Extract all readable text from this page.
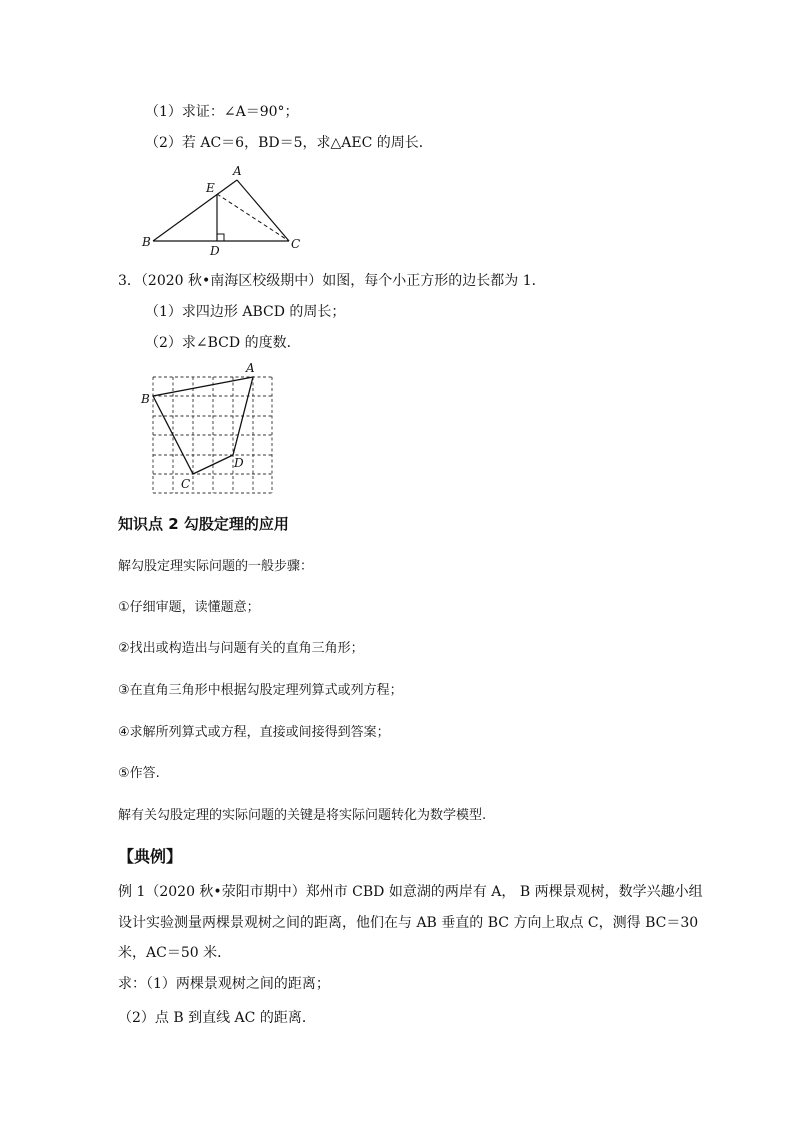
（1）求证：∠A＝90°；
（2）若 AC＝6，BD＝5，求△AEC 的周长．
A
E
B
D	C
A
B
C
D
3．（2020 秋•南海区校级期中）如图，每个小正方形的边长都为 1．
（1）求四边形 ABCD 的周长；
（2）求∠BCD 的度数．
知识点 2 勾股定理的应用
解勾股定理实际问题的一般步骤：
①仔细审题，读懂题意；
②找出或构造出与问题有关的直角三角形；
③在直角三角形中根据勾股定理列算式或列方程；
④求解所列算式或方程，直接或间接得到答案；
⑤作答.
解有关勾股定理的实际问题的关键是将实际问题转化为数学模型.
【典例】
例 1（2020 秋•荥阳市期中）郑州市 CBD 如意湖的两岸有 A， B 两棵景观树，数学兴趣小组
设计实验测量两棵景观树之间的距离，他们在与 AB 垂直的 BC 方向上取点 C，测得 BC＝30
米，AC＝50 米．
求：（1）两棵景观树之间的距离；
（2）点 B 到直线 AC 的距离．
